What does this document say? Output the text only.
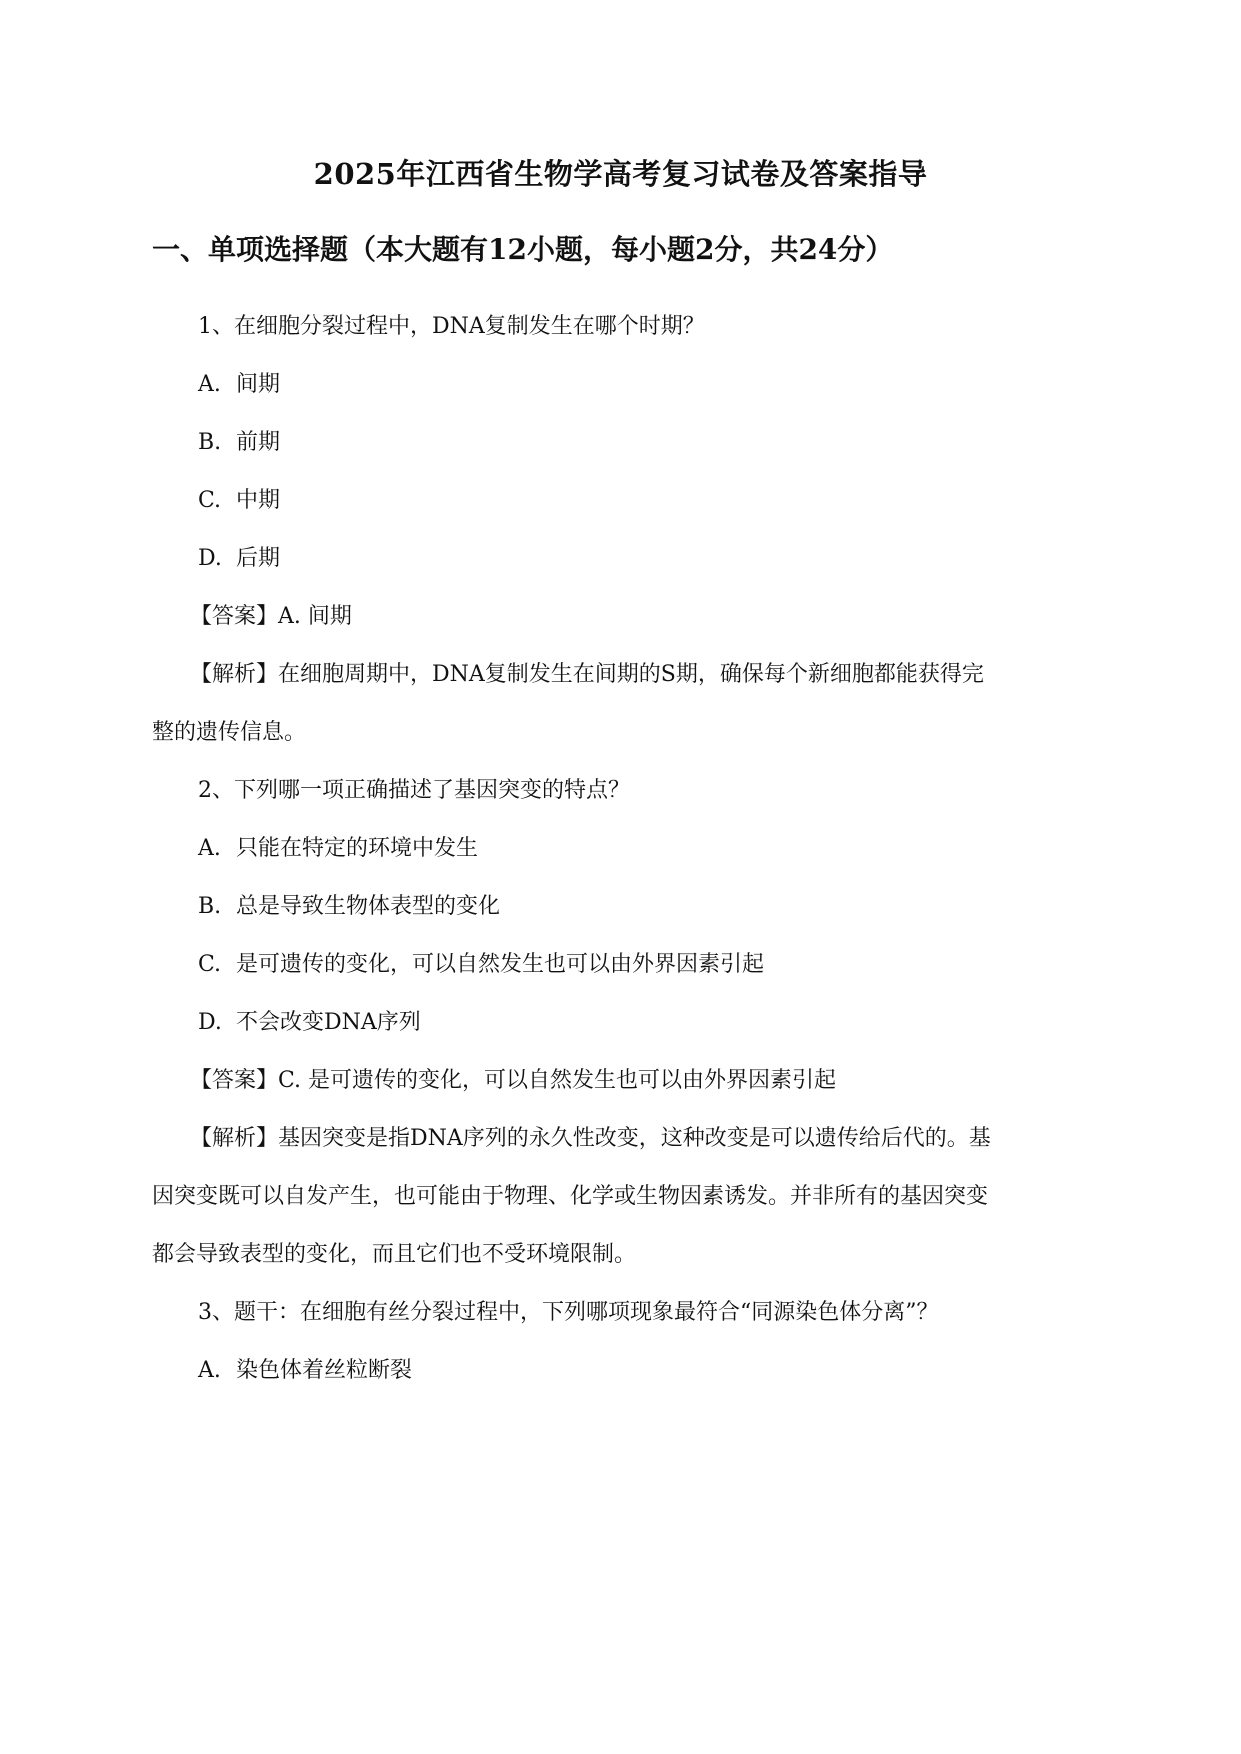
2025年江西省生物学高考复习试卷及答案指导
一、单项选择题（本大题有12小题，每小题2分，共24分）
1、在细胞分裂过程中，DNA复制发生在哪个时期？
A. 间期
B. 前期
C. 中期
D. 后期
【答案】A. 间期
【解析】在细胞周期中，DNA复制发生在间期的S期，确保每个新细胞都能获得完
整的遗传信息。
2、下列哪一项正确描述了基因突变的特点？
A. 只能在特定的环境中发生
B. 总是导致生物体表型的变化
C. 是可遗传的变化，可以自然发生也可以由外界因素引起
D. 不会改变DNA序列
【答案】C. 是可遗传的变化，可以自然发生也可以由外界因素引起
【解析】基因突变是指DNA序列的永久性改变，这种改变是可以遗传给后代的。基
因突变既可以自发产生，也可能由于物理、化学或生物因素诱发。并非所有的基因突变
都会导致表型的变化，而且它们也不受环境限制。
3、题干：在细胞有丝分裂过程中，下列哪项现象最符合“同源染色体分离”？
A. 染色体着丝粒断裂
